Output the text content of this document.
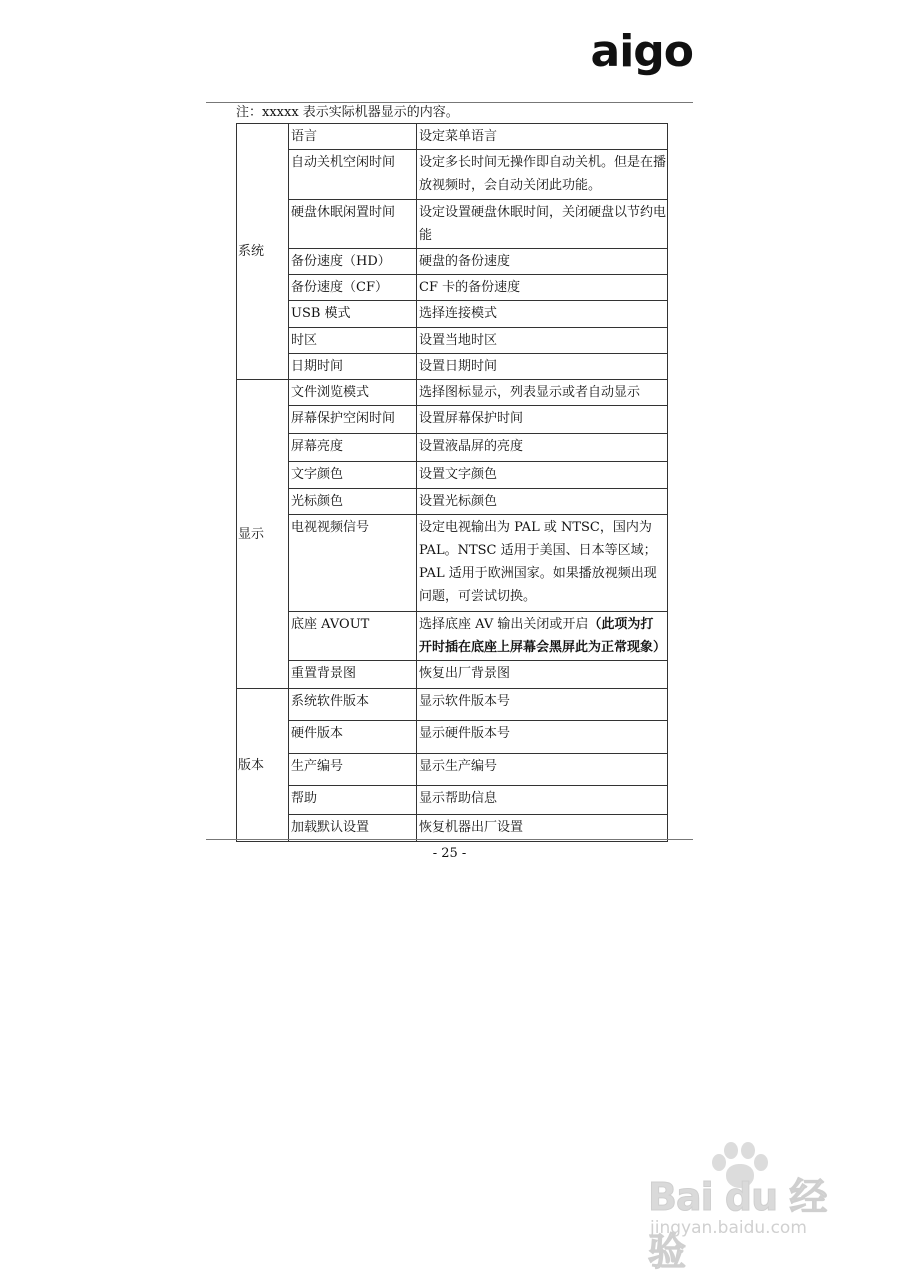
aigo
注：xxxxx 表示实际机器显示的内容。
系统	语言	设定菜单语言
	自动关机空闲时间	设定多长时间无操作即自动关机。但是在播放视频时，会自动关闭此功能。
	硬盘休眠闲置时间	设定设置硬盘休眠时间，关闭硬盘以节约电能
	备份速度（HD）	硬盘的备份速度
	备份速度（CF）	CF 卡的备份速度
	USB 模式	选择连接模式
	时区	设置当地时区
	日期时间	设置日期时间
显示	文件浏览模式	选择图标显示，列表显示或者自动显示
	屏幕保护空闲时间	设置屏幕保护时间
	屏幕亮度	设置液晶屏的亮度
	文字颜色	设置文字颜色
	光标颜色	设置光标颜色
	电视视频信号	设定电视输出为 PAL 或 NTSC，国内为 PAL。NTSC 适用于美国、日本等区域；PAL 适用于欧洲国家。如果播放视频出现问题，可尝试切换。
	底座 AVOUT	选择底座 AV 输出关闭或开启（此项为打开时插在底座上屏幕会黑屏此为正常现象）
	重置背景图	恢复出厂背景图
版本	系统软件版本	显示软件版本号
	硬件版本	显示硬件版本号
	生产编号	显示生产编号
	帮助	显示帮助信息
	加载默认设置	恢复机器出厂设置
- 25 -
Bai du 经验
jingyan.baidu.com
